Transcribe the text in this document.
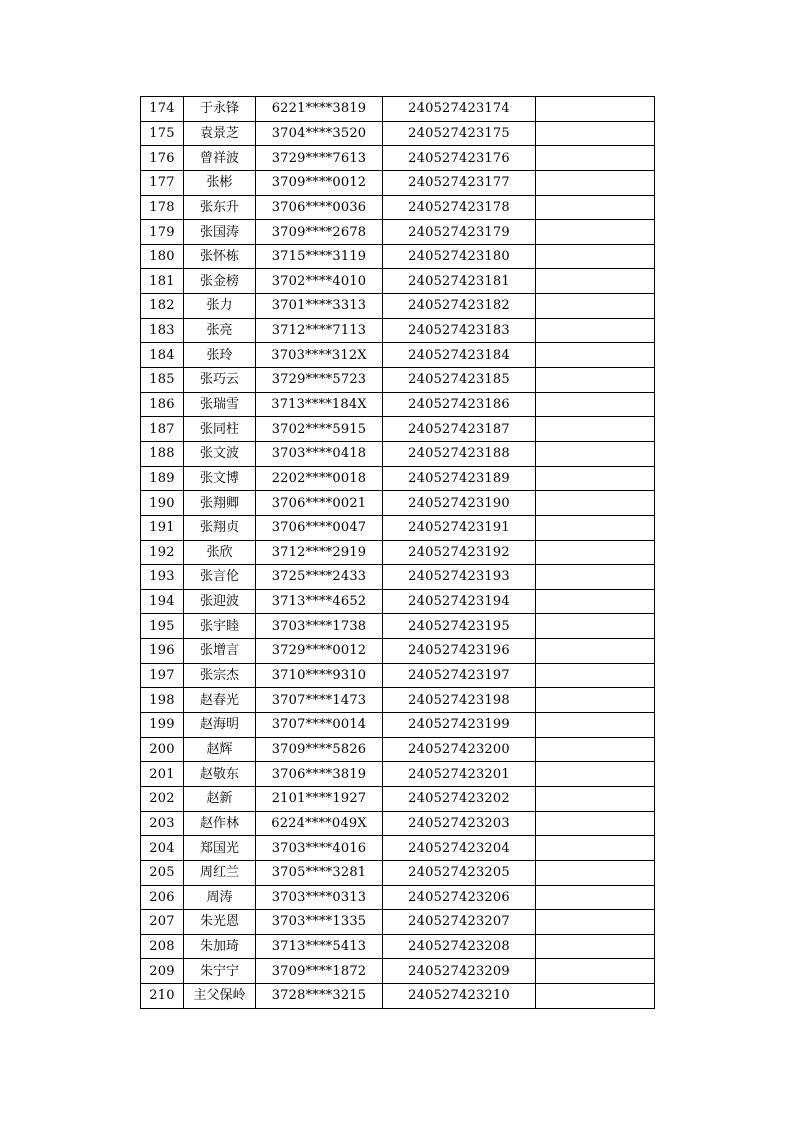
174	于永锋	6221****3819	240527423174	
175	袁景芝	3704****3520	240527423175	
176	曾祥波	3729****7613	240527423176	
177	张彬	3709****0012	240527423177	
178	张东升	3706****0036	240527423178	
179	张国涛	3709****2678	240527423179	
180	张怀栋	3715****3119	240527423180	
181	张金榜	3702****4010	240527423181	
182	张力	3701****3313	240527423182	
183	张亮	3712****7113	240527423183	
184	张玲	3703****312X	240527423184	
185	张巧云	3729****5723	240527423185	
186	张瑞雪	3713****184X	240527423186	
187	张同柱	3702****5915	240527423187	
188	张文波	3703****0418	240527423188	
189	张文博	2202****0018	240527423189	
190	张翔卿	3706****0021	240527423190	
191	张翔贞	3706****0047	240527423191	
192	张欣	3712****2919	240527423192	
193	张言伦	3725****2433	240527423193	
194	张迎波	3713****4652	240527423194	
195	张宇睦	3703****1738	240527423195	
196	张增言	3729****0012	240527423196	
197	张宗杰	3710****9310	240527423197	
198	赵春光	3707****1473	240527423198	
199	赵海明	3707****0014	240527423199	
200	赵辉	3709****5826	240527423200	
201	赵敬东	3706****3819	240527423201	
202	赵新	2101****1927	240527423202	
203	赵作林	6224****049X	240527423203	
204	郑国光	3703****4016	240527423204	
205	周红兰	3705****3281	240527423205	
206	周涛	3703****0313	240527423206	
207	朱光恩	3703****1335	240527423207	
208	朱加琦	3713****5413	240527423208	
209	朱宁宁	3709****1872	240527423209	
210	主父保岭	3728****3215	240527423210	
